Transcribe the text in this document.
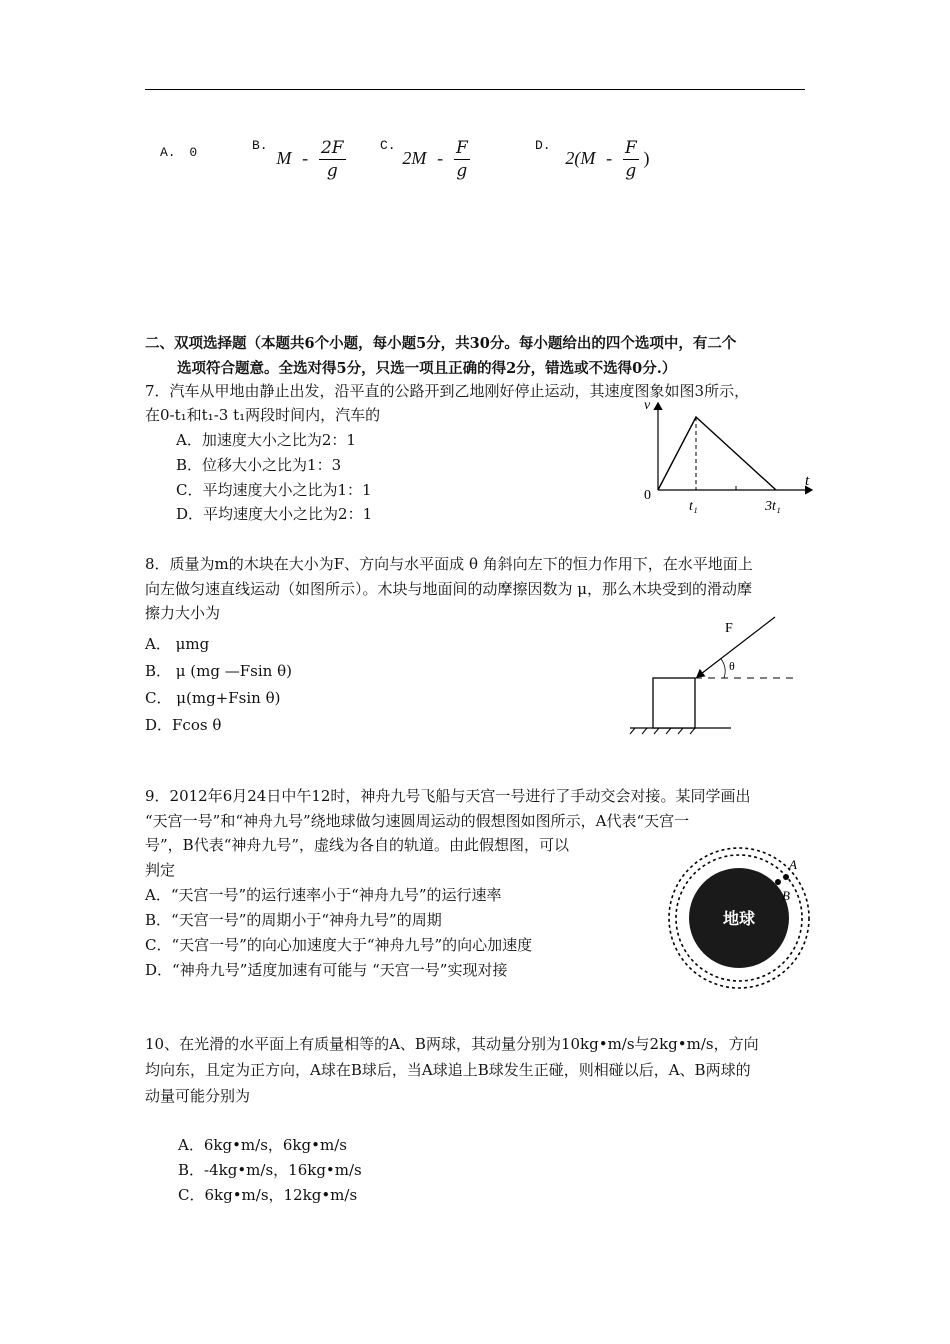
A. 0	B. M - $\frac{2F}{g}$	C. $2M - \frac{F}{g}$	D. $2(M - \frac{F}{g}$ )
二、双项选择题（本题共6个小题，每小题5分，共30分。每小题给出的四个选项中，有二个
选项符合题意。全选对得5分，只选一项且正确的得2分，错选或不选得0分.）
7．汽车从甲地由静止出发，沿平直的公路开到乙地刚好停止运动，其速度图象如图3所示，
在0-t₁和t₁-3 t₁两段时间内，汽车的
A．加速度大小之比为2：1
B．位移大小之比为1：3
C．平均速度大小之比为1：1
D．平均速度大小之比为2：1
v
t
0
t₁	3t₁
8．质量为m的木块在大小为F、方向与水平面成 θ 角斜向左下的恒力作用下，在水平地面上
向左做匀速直线运动（如图所示）。木块与地面间的动摩擦因数为 μ，那么木块受到的滑动摩
擦力大小为
A． μmg
B． μ (mg —Fsin θ)
C． μ(mg+Fsin θ)
D．Fcos θ
F
θ
9．2012年6月24日中午12时，神舟九号飞船与天宫一号进行了手动交会对接。某同学画出
“天宫一号”和“神舟九号”绕地球做匀速圆周运动的假想图如图所示，A代表“天宫一
号”，B代表“神舟九号”，虚线为各自的轨道。由此假想图，可以
判定
A．“天宫一号”的运行速率小于“神舟九号”的运行速率
B．“天宫一号”的周期小于“神舟九号”的周期
C．“天宫一号”的向心加速度大于“神舟九号”的向心加速度
D．“神舟九号”适度加速有可能与 “天宫一号”实现对接
地球
A
B
10、在光滑的水平面上有质量相等的A、B两球，其动量分别为10kg•m/s与2kg•m/s，方向
均向东，且定为正方向，A球在B球后，当A球追上B球发生正碰，则相碰以后，A、B两球的
动量可能分别为
A．6kg•m/s，6kg•m/s
B．-4kg•m/s，16kg•m/s
C．6kg•m/s，12kg•m/s
